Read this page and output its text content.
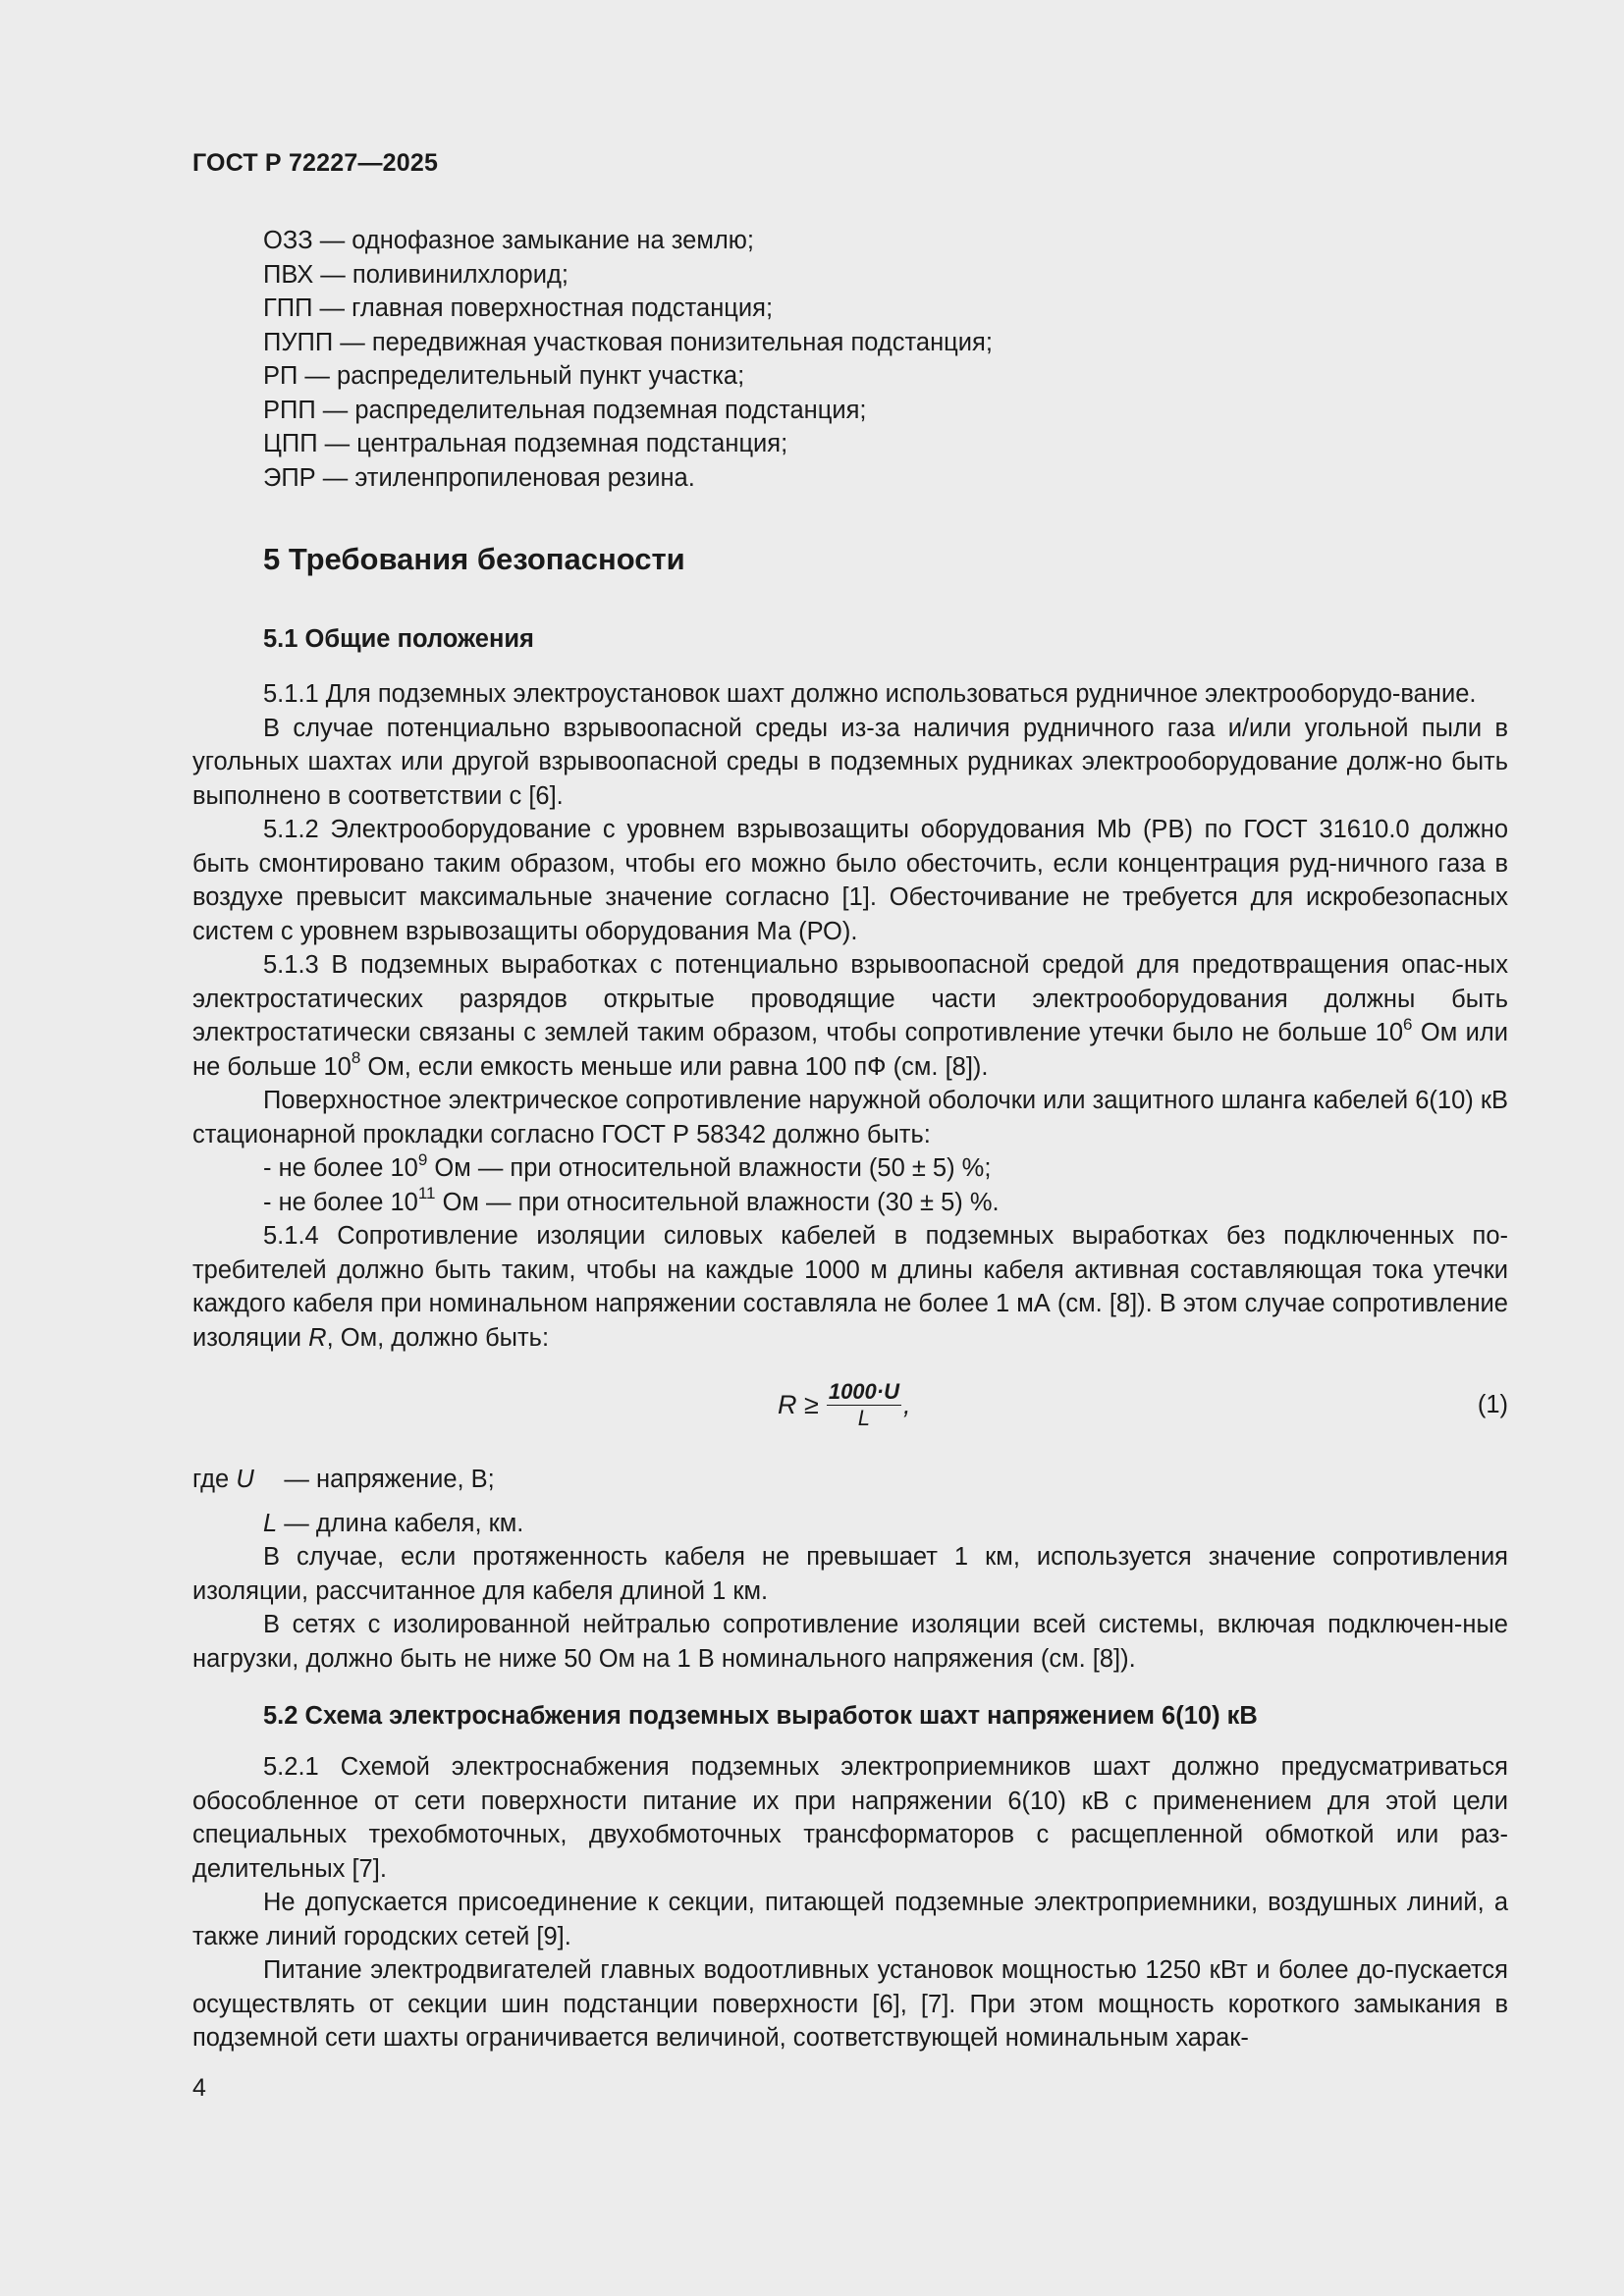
ГОСТ Р 72227—2025
ОЗЗ — однофазное замыкание на землю;
ПВХ — поливинилхлорид;
ГПП — главная поверхностная подстанция;
ПУПП — передвижная участковая понизительная подстанция;
РП — распределительный пункт участка;
РПП — распределительная подземная подстанция;
ЦПП — центральная подземная подстанция;
ЭПР — этиленпропиленовая резина.
5 Требования безопасности
5.1 Общие положения

5.1.1 Для подземных электроустановок шахт должно использоваться рудничное электрооборудо-вание.

В случае потенциально взрывоопасной среды из-за наличия рудничного газа и/или угольной пыли в угольных шахтах или другой взрывоопасной среды в подземных рудниках электрооборудование долж-но быть выполнено в соответствии с [6].

5.1.2 Электрооборудование с уровнем взрывозащиты оборудования Mb (PB) по ГОСТ 31610.0 должно быть смонтировано таким образом, чтобы его можно было обесточить, если концентрация руд-ничного газа в воздухе превысит максимальные значение согласно [1]. Обесточивание не требуется для искробезопасных систем с уровнем взрывозащиты оборудования Ма (РО).

5.1.3 В подземных выработках с потенциально взрывоопасной средой для предотвращения опас-ных электростатических разрядов открытые проводящие части электрооборудования должны быть электростатически связаны с землей таким образом, чтобы сопротивление утечки было не больше $10^6$ Ом или не больше $10^8$ Ом, если емкость меньше или равна 100 пФ (см. [8]).

Поверхностное электрическое сопротивление наружной оболочки или защитного шланга кабелей 6(10) кВ стационарной прокладки согласно ГОСТ Р 58342 должно быть:

- не более $10^9$ Ом — при относительной влажности (50 ± 5) %;

- не более $10^{11}$ Ом — при относительной влажности (30 ± 5) %.

5.1.4 Сопротивление изоляции силовых кабелей в подземных выработках без подключенных по-требителей должно быть таким, чтобы на каждые 1000 м длины кабеля активная составляющая тока утечки каждого кабеля при номинальном напряжении составляла не более 1 мА (см. [8]). В этом случае сопротивление изоляции R, Ом, должно быть:

$R \ge \frac{1000\cdot U}{L}$ ,	(1)

где U — напряжение, В;

L — длина кабеля, км.

В случае, если протяженность кабеля не превышает 1 км, используется значение сопротивления изоляции, рассчитанное для кабеля длиной 1 км.

В сетях с изолированной нейтралью сопротивление изоляции всей системы, включая подключен-ные нагрузки, должно быть не ниже 50 Ом на 1 В номинального напряжения (см. [8]).

5.2 Схема электроснабжения подземных выработок шахт напряжением 6(10) кВ

5.2.1 Схемой электроснабжения подземных электроприемников шахт должно предусматриваться обособленное от сети поверхности питание их при напряжении 6(10) кВ с применением для этой цели специальных трехобмоточных, двухобмоточных трансформаторов с расщепленной обмоткой или раз-делительных [7].

Не допускается присоединение к секции, питающей подземные электроприемники, воздушных линий, а также линий городских сетей [9].

Питание электродвигателей главных водоотливных установок мощностью 1250 кВт и более до-пускается осуществлять от секции шин подстанции поверхности [6], [7]. При этом мощность короткого замыкания в подземной сети шахты ограничивается величиной, соответствующей номинальным харак-

4
